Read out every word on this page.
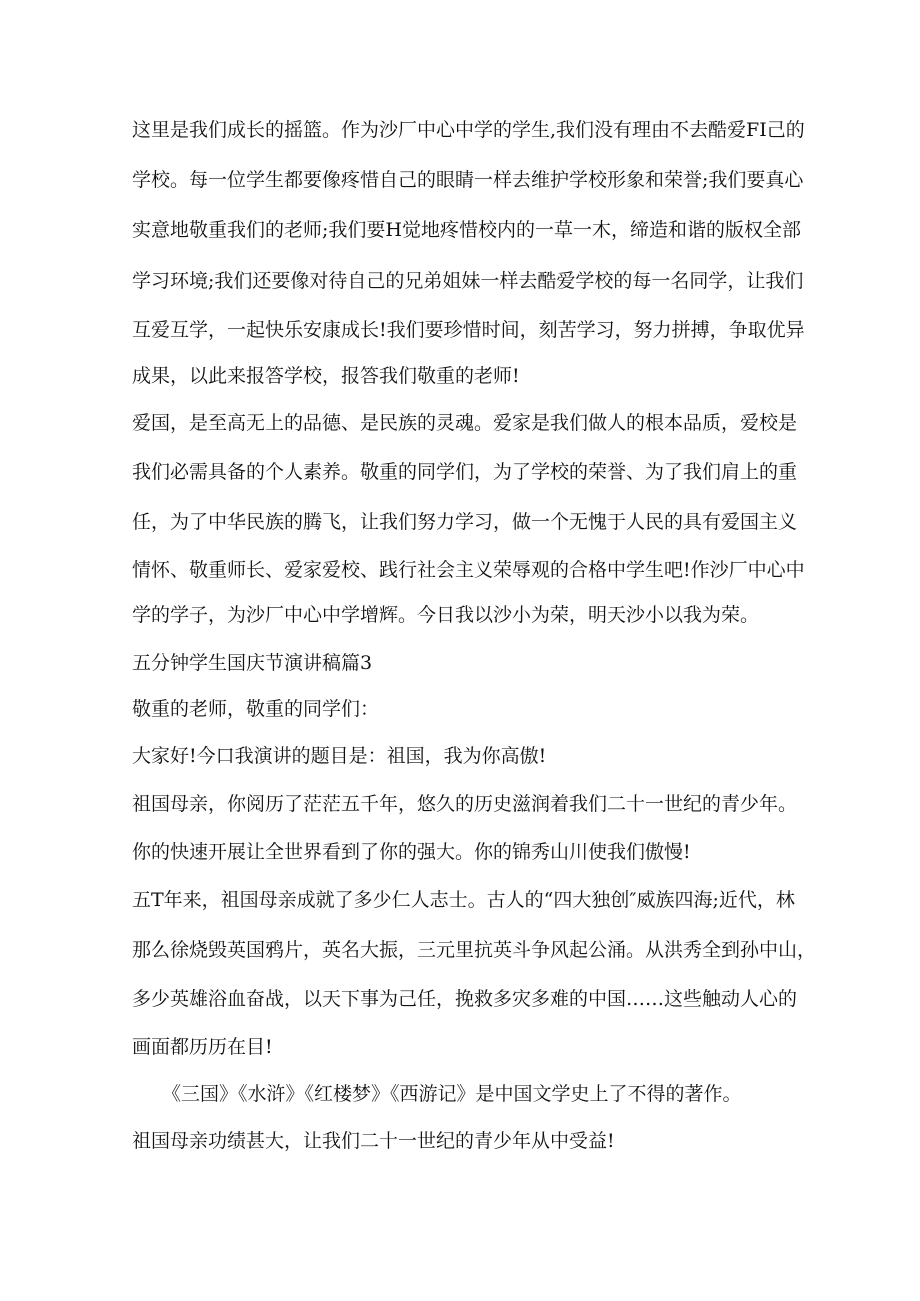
这里是我们成长的摇篮。作为沙厂中心中学的学生,我们没有理由不去酷爱FI己的

学校。每一位学生都要像疼惜自己的眼睛一样去维护学校形象和荣誉;我们要真心

实意地敬重我们的老师;我们要H觉地疼惜校内的一草一木，缔造和谐的版权全部

学习环境;我们还要像对待自己的兄弟姐妹一样去酷爱学校的每一名同学，让我们

互爱互学，一起快乐安康成长!我们要珍惜时间，刻苦学习，努力拼搏，争取优异

成果，以此来报答学校，报答我们敬重的老师!

爱国，是至高无上的品德、是民族的灵魂。爱家是我们做人的根本品质，爱校是

我们必需具备的个人素养。敬重的同学们，为了学校的荣誉、为了我们肩上的重

任，为了中华民族的腾飞，让我们努力学习，做一个无愧于人民的具有爱国主义

情怀、敬重师长、爱家爱校、践行社会主义荣辱观的合格中学生吧!作沙厂中心中

学的学子，为沙厂中心中学增辉。今日我以沙小为荣，明天沙小以我为荣。

五分钟学生国庆节演讲稿篇3

敬重的老师，敬重的同学们：

大家好!今口我演讲的题目是：祖国，我为你高傲!

祖国母亲，你阅历了茫茫五千年，悠久的历史滋润着我们二十一世纪的青少年。

你的快速开展让全世界看到了你的强大。你的锦秀山川使我们傲慢!

五T年来，祖国母亲成就了多少仁人志士。古人的“四大独创″威族四海;近代，林

那么徐烧毁英国鸦片，英名大振，三元里抗英斗争风起公涌。从洪秀全到孙中山，

多少英雄浴血奋战，以天下事为己任，挽救多灾多难的中国……这些触动人心的

画面都历历在目!

《三国》《水浒》《红楼梦》《西游记》是中国文学史上了不得的著作。

祖国母亲功绩甚大，让我们二十一世纪的青少年从中受益!
